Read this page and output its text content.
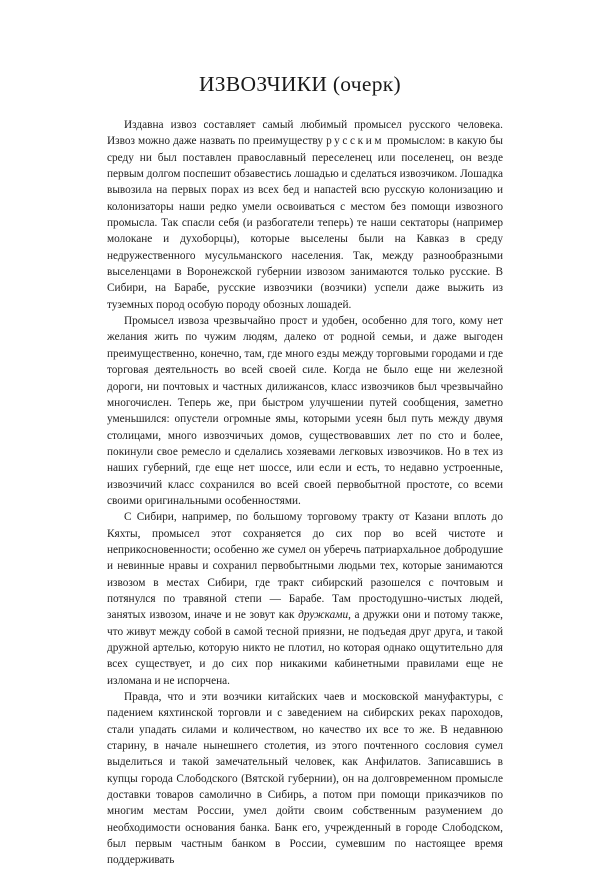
ИЗВОЗЧИКИ (очерк)

Издавна извоз составляет самый любимый промысел русского человека. Извоз можно даже назвать по преимуществу русским промыслом: в какую бы среду ни был поставлен православный переселенец или поселенец, он везде первым долгом поспешит обзавестись лошадью и сделаться извозчиком. Лошадка вывозила на первых порах из всех бед и напастей всю русскую колонизацию и колонизаторы наши редко умели освоиваться с местом без помощи извозного промысла. Так спасли себя (и разбогатели теперь) те наши сектаторы (например молокане и духоборцы), которые выселены были на Кавказ в среду недружественного мусульманского населения. Так, между разнообразными выселенцами в Воронежской губернии извозом занимаются только русские. В Сибири, на Барабе, русские извозчики (возчики) успели даже выжить из туземных пород особую породу обозных лошадей.

Промысел извоза чрезвычайно прост и удобен, особенно для того, кому нет желания жить по чужим людям, далеко от родной семьи, и даже выгоден преимущественно, конечно, там, где много езды между торговыми городами и где торговая деятельность во всей своей силе. Когда не было еще ни железной дороги, ни почтовых и частных дилижансов, класс извозчиков был чрезвычайно многочислен. Теперь же, при быстром улучшении путей сообщения, заметно уменьшился: опустели огромные ямы, которыми усеян был путь между двумя столицами, много извозчичьих домов, существовавших лет по сто и более, покинули свое ремесло и сделались хозяевами легковых извозчиков. Но в тех из наших губерний, где еще нет шоссе, или если и есть, то недавно устроенные, извозчичий класс сохранился во всей своей первобытной простоте, со всеми своими оригинальными особенностями.

С Сибири, например, по большому торговому тракту от Казани вплоть до Кяхты, промысел этот сохраняется до сих пор во всей чистоте и неприкосновенности; особенно же сумел он уберечь патриархальное добродушие и невинные нравы и сохранил первобытными людьми тех, которые занимаются извозом в местах Сибири, где тракт сибирский разошелся с почтовым и потянулся по травяной степи — Барабе. Там простодушно-чистых людей, занятых извозом, иначе и не зовут как дружками, а дружки они и потому также, что живут между собой в самой тесной приязни, не подъедая друг друга, и такой дружной артелью, которую никто не плотил, но которая однако ощутительно для всех существует, и до сих пор никакими кабинетными правилами еще не изломана и не испорчена.

Правда, что и эти возчики китайских чаев и московской мануфактуры, с падением кяхтинской торговли и с заведением на сибирских реках пароходов, стали упадать силами и количеством, но качество их все то же. В недавнюю старину, в начале нынешнего столетия, из этого почтенного сословия сумел выделиться и такой замечательный человек, как Анфилатов. Записавшись в купцы города Слободского (Вятской губернии), он на долговременном промысле доставки товаров самолично в Сибирь, а потом при помощи приказчиков по многим местам России, умел дойти своим собственным разумением до необходимости основания банка. Банк его, учрежденный в городе Слободском, был первым частным банком в России, сумевшим по настоящее время поддерживать
